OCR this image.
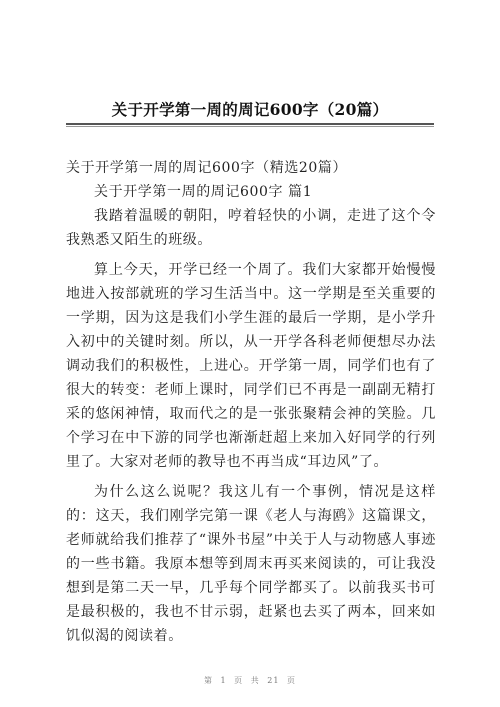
关于开学第一周的周记600字（20篇）

关于开学第一周的周记600字（精选20篇）

关于开学第一周的周记600字 篇1

我踏着温暖的朝阳，哼着轻快的小调，走进了这个令我熟悉又陌生的班级。

算上今天，开学已经一个周了。我们大家都开始慢慢地进入按部就班的学习生活当中。这一学期是至关重要的一学期，因为这是我们小学生涯的最后一学期，是小学升入初中的关键时刻。所以，从一开学各科老师便想尽办法调动我们的积极性，上进心。开学第一周，同学们也有了很大的转变：老师上课时，同学们已不再是一副副无精打采的悠闲神情，取而代之的是一张张聚精会神的笑脸。几个学习在中下游的同学也渐渐赶超上来加入好同学的行列里了。大家对老师的教导也不再当成“耳边风”了。

为什么这么说呢？我这儿有一个事例，情况是这样的：这天，我们刚学完第一课《老人与海鸥》这篇课文，老师就给我们推荐了“课外书屋”中关于人与动物感人事迹的一些书籍。我原本想等到周末再买来阅读的，可让我没想到是第二天一早，几乎每个同学都买了。以前我买书可是最积极的，我也不甘示弱，赶紧也去买了两本，回来如饥似渴的阅读着。

第 1 页 共 21 页
